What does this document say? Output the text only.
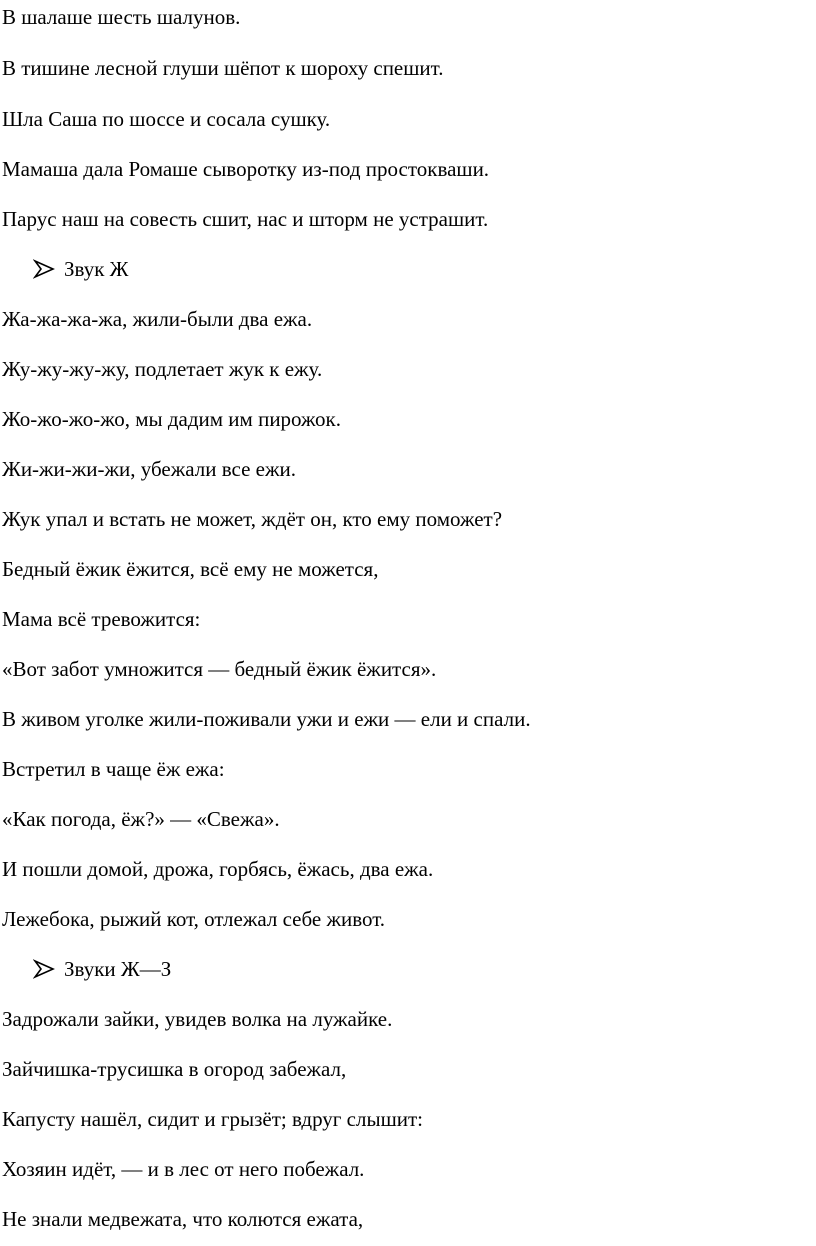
В шалаше шесть шалунов.
В тишине лесной глуши шёпот к шороху спешит.
Шла Саша по шоссе и сосала сушку.
Мамаша дала Ромаше сыворотку из-под простокваши.
Парус наш на совесть сшит, нас и шторм не устрашит.
Звук Ж
Жа-жа-жа-жа, жили-были два ежа.
Жу-жу-жу-жу, подлетает жук к ежу.
Жо-жо-жо-жо, мы дадим им пирожок.
Жи-жи-жи-жи, убежали все ежи.
Жук упал и встать не может, ждёт он, кто ему поможет?
Бедный ёжик ёжится, всё ему не можется,
Мама всё тревожится:
«Вот забот умножится — бедный ёжик ёжится».
В живом уголке жили-поживали ужи и ежи — ели и спали.
Встретил в чаще ёж ежа:
«Как погода, ёж?» — «Свежа».
И пошли домой, дрожа, горбясь, ёжась, два ежа.
Лежебока, рыжий кот, отлежал себе живот.
Звуки Ж—З
Задрожали зайки, увидев волка на лужайке.
Зайчишка-трусишка в огород забежал,
Капусту нашёл, сидит и грызёт; вдруг слышит:
Хозяин идёт, — и в лес от него побежал.
Не знали медвежата, что колются ежата,
